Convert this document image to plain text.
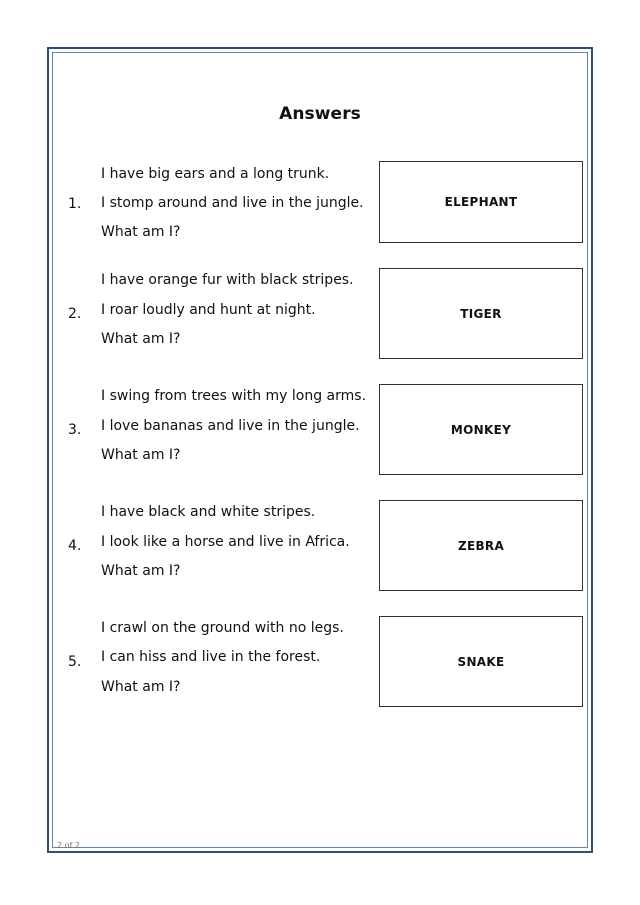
Answers
1.
I have big ears and a long trunk.
I stomp around and live in the jungle.
What am I?
ELEPHANT
2.
I have orange fur with black stripes.
I roar loudly and hunt at night.
What am I?
TIGER
3.
I swing from trees with my long arms.
I love bananas and live in the jungle.
What am I?
MONKEY
4.
I have black and white stripes.
I look like a horse and live in Africa.
What am I?
ZEBRA
5.
I crawl on the ground with no legs.
I can hiss and live in the forest.
What am I?
SNAKE
2 of 2
